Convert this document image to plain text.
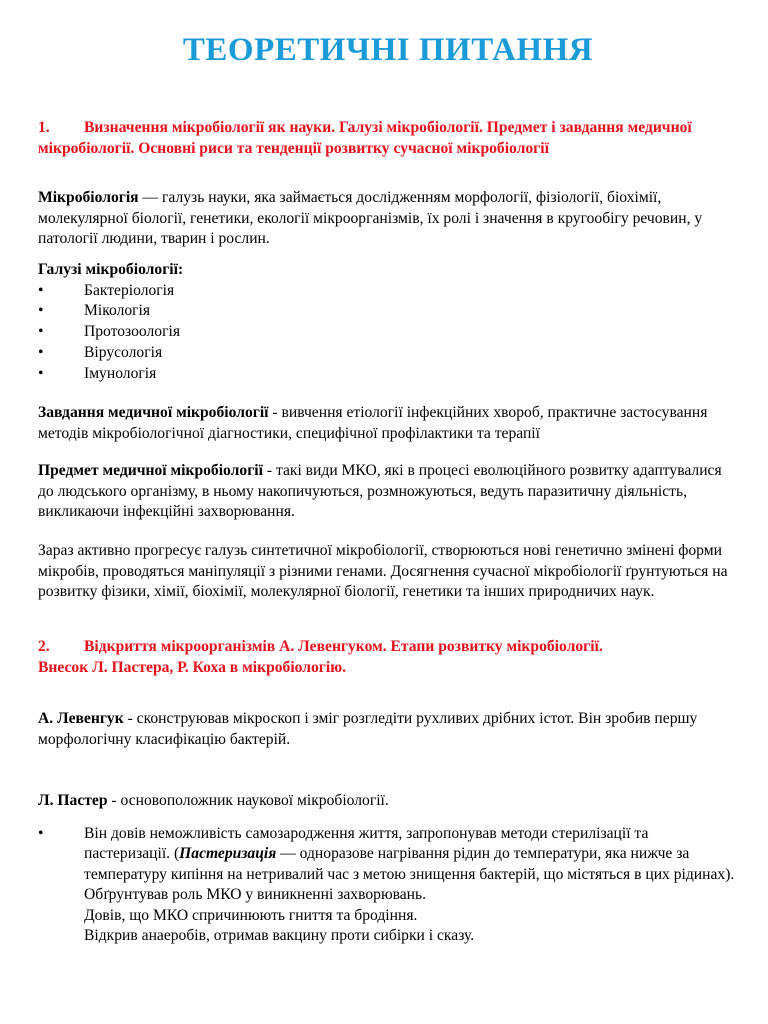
ТЕОРЕТИЧНІ ПИТАННЯ
1. Визначення мікробіології як науки. Галузі мікробіології. Предмет і завдання медичної мікробіології. Основні риси та тенденції розвитку сучасної мікробіології
Мікробіологія — галузь науки, яка займається дослідженням морфології, фізіології, біохімії, молекулярної біології, генетики, екології мікроорганізмів, їх ролі і значення в кругообігу речовин, у патології людини, тварин і рослин.
Галузі мікробіології:
•	Бактеріологія
•	Мікологія
•	Протозоологія
•	Вірусологія
•	Імунологія
Завдання медичної мікробіології - вивчення етіології інфекційних хвороб, практичне застосування методів мікробіологічної діагностики, специфічної профілактики та терапії
Предмет медичної мікробіології - такі види МКО, які в процесі еволюційного розвитку адаптувалися до людського організму, в ньому накопичуються, розмножуються, ведуть паразитичну діяльність, викликаючи інфекційні захворювання.
Зараз активно прогресує галузь синтетичної мікробіології, створюються нові генетично змінені форми мікробів, проводяться маніпуляції з різними генами. Досягнення сучасної мікробіології ґрунтуються на розвитку фізики, хімії, біохімії, молекулярної біології, генетики та інших природничих наук.
2. Відкриття мікроорганізмів А. Левенгуком. Етапи розвитку мікробіології.
Внесок Л. Пастера, Р. Коха в мікробіологію.
А. Левенгук - сконструював мікроскоп і зміг розгледіти рухливих дрібних істот. Він зробив першу морфологічну класифікацію бактерій.
Л. Пастер - основоположник наукової мікробіології.
•	Він довів неможливість самозародження життя, запропонував методи стерилізації та пастеризації. (Пастеризація — одноразове нагрівання рідин до температури, яка нижче за температуру кипіння на нетривалий час з метою знищення бактерій, що містяться в цих рідинах).
Обґрунтував роль МКО у виникненні захворювань.
Довів, що МКО спричинюють гниття та бродіння.
Відкрив анаеробів, отримав вакцину проти сибірки і сказу.
